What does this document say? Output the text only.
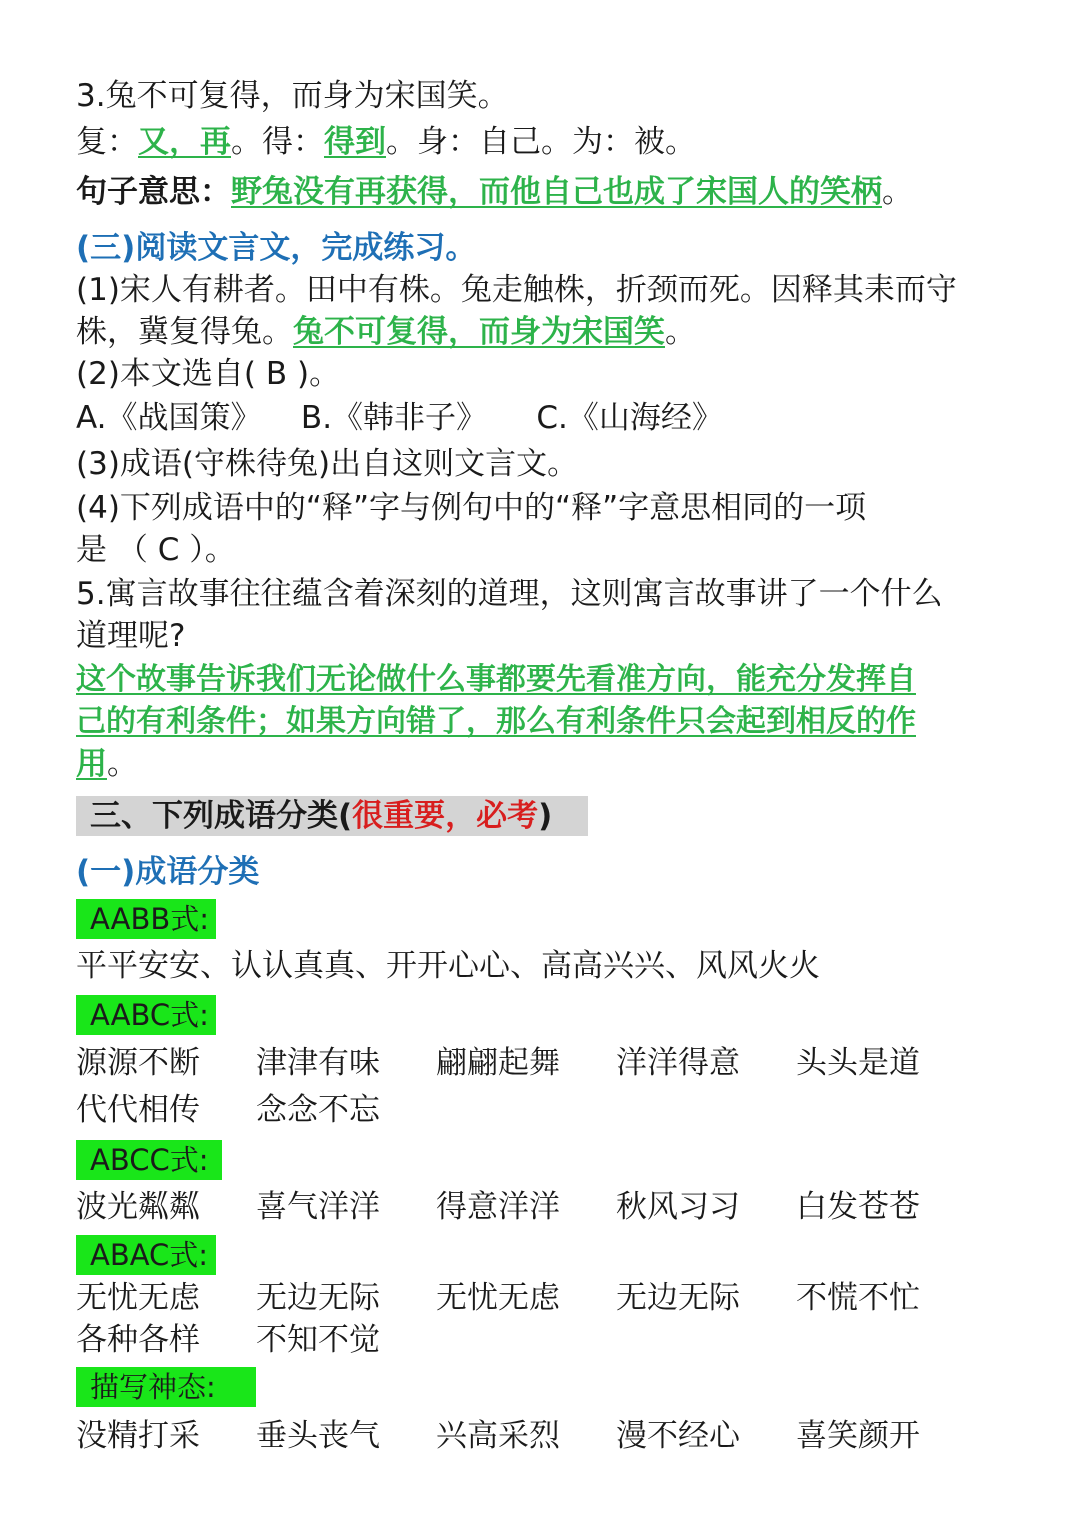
3.兔不可复得，而身为宋国笑。
复：又，再。得：得到。身：自己。为：被。
句子意思：野兔没有再获得，而他自己也成了宋国人的笑柄。
(三)阅读文言文，完成练习。
(1)宋人有耕者。田中有株。兔走触株，折颈而死。因释其耒而守
株，冀复得兔。兔不可复得，而身为宋国笑。
(2)本文选自( B )。
A.《战国策》    B.《韩非子》     C.《山海经》
(3)成语(守株待兔)出自这则文言文。
(4)下列成语中的“释”字与例句中的“释”字意思相同的一项
是 （ C ）。
5.寓言故事往往蕴含着深刻的道理，这则寓言故事讲了一个什么
道理呢?
这个故事告诉我们无论做什么事都要先看准方向，能充分发挥自
己的有利条件；如果方向错了，那么有利条件只会起到相反的作
用。
三、下列成语分类(很重要，必考)
(一)成语分类
AABB式:
平平安安、认认真真、开开心心、高高兴兴、风风火火
AABC式:
源源不断 津津有味 翩翩起舞 洋洋得意 头头是道
代代相传 念念不忘
ABCC式:
波光粼粼 喜气洋洋 得意洋洋 秋风习习 白发苍苍
ABAC式:
无忧无虑 无边无际 无忧无虑 无边无际 不慌不忙
各种各样 不知不觉
描写神态:
没精打采 垂头丧气 兴高采烈 漫不经心 喜笑颜开
